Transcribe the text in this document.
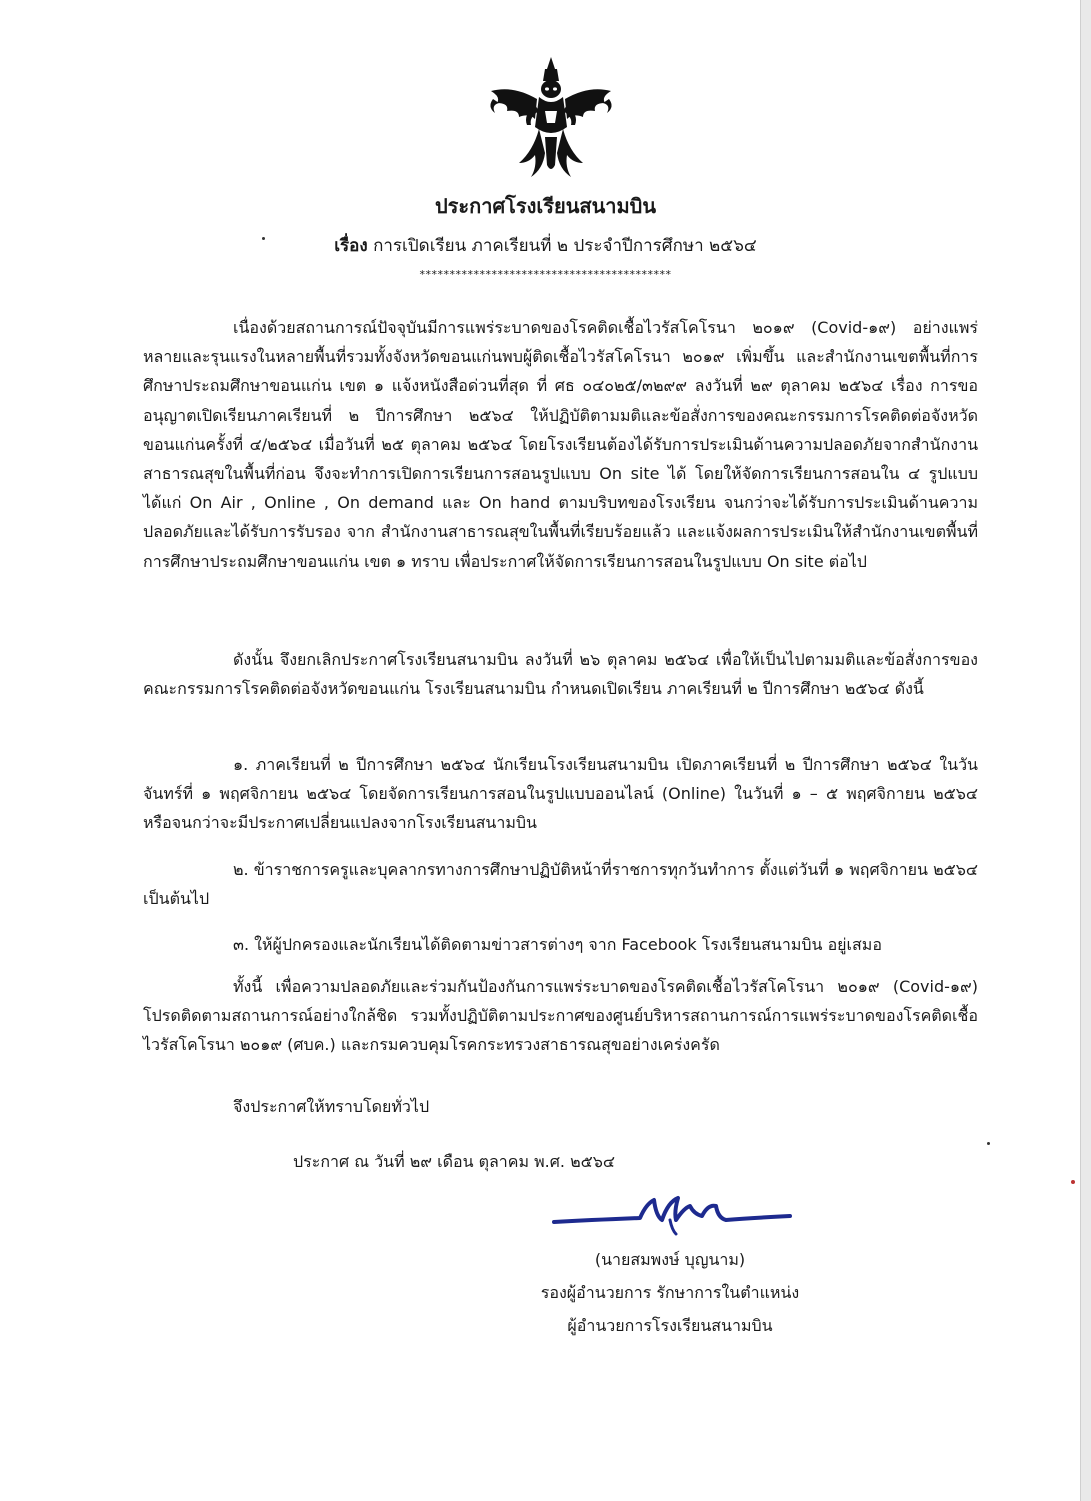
ประกาศโรงเรียนสนามบิน
เรื่อง การเปิดเรียน ภาคเรียนที่ ๒ ประจำปีการศึกษา ๒๕๖๔
******************************************

เนื่องด้วยสถานการณ์ปัจจุบันมีการแพร่ระบาดของโรคติดเชื้อไวรัสโคโรนา ๒๐๑๙ (Covid-๑๙) อย่างแพร่หลายและรุนแรงในหลายพื้นที่รวมทั้งจังหวัดขอนแก่นพบผู้ติดเชื้อไวรัสโคโรนา ๒๐๑๙ เพิ่มขึ้น และสำนักงานเขตพื้นที่การศึกษาประถมศึกษาขอนแก่น เขต ๑ แจ้งหนังสือด่วนที่สุด ที่ ศธ ๐๔๐๒๕/๓๒๙๙ ลงวันที่ ๒๙ ตุลาคม ๒๕๖๔ เรื่อง การขออนุญาตเปิดเรียนภาคเรียนที่ ๒ ปีการศึกษา ๒๕๖๔ ให้ปฏิบัติตามมติและข้อสั่งการของคณะกรรมการโรคติดต่อจังหวัดขอนแก่นครั้งที่ ๔/๒๕๖๔ เมื่อวันที่ ๒๕ ตุลาคม ๒๕๖๔ โดยโรงเรียนต้องได้รับการประเมินด้านความปลอดภัยจากสำนักงานสาธารณสุขในพื้นที่ก่อน จึงจะทำการเปิดการเรียนการสอนรูปแบบ On site ได้ โดยให้จัดการเรียนการสอนใน ๔ รูปแบบ ได้แก่ On Air , Online , On demand และ On hand ตามบริบทของโรงเรียน จนกว่าจะได้รับการประเมินด้านความปลอดภัยและได้รับการรับรอง จาก สำนักงานสาธารณสุขในพื้นที่เรียบร้อยแล้ว และแจ้งผลการประเมินให้สำนักงานเขตพื้นที่การศึกษาประถมศึกษาขอนแก่น เขต ๑ ทราบ เพื่อประกาศให้จัดการเรียนการสอนในรูปแบบ On site ต่อไป

ดังนั้น จึงยกเลิกประกาศโรงเรียนสนามบิน ลงวันที่ ๒๖ ตุลาคม ๒๕๖๔ เพื่อให้เป็นไปตามมติและข้อสั่งการของคณะกรรมการโรคติดต่อจังหวัดขอนแก่น โรงเรียนสนามบิน กำหนดเปิดเรียน ภาคเรียนที่ ๒ ปีการศึกษา ๒๕๖๔ ดังนี้

๑. ภาคเรียนที่ ๒ ปีการศึกษา ๒๕๖๔ นักเรียนโรงเรียนสนามบิน เปิดภาคเรียนที่ ๒ ปีการศึกษา ๒๕๖๔ ในวันจันทร์ที่ ๑ พฤศจิกายน ๒๕๖๔ โดยจัดการเรียนการสอนในรูปแบบออนไลน์ (Online) ในวันที่ ๑ – ๕ พฤศจิกายน ๒๕๖๔ หรือจนกว่าจะมีประกาศเปลี่ยนแปลงจากโรงเรียนสนามบิน

๒. ข้าราชการครูและบุคลากรทางการศึกษาปฏิบัติหน้าที่ราชการทุกวันทำการ ตั้งแต่วันที่ ๑ พฤศจิกายน ๒๕๖๔ เป็นต้นไป

๓. ให้ผู้ปกครองและนักเรียนได้ติดตามข่าวสารต่างๆ จาก Facebook โรงเรียนสนามบิน อยู่เสมอ

ทั้งนี้ เพื่อความปลอดภัยและร่วมกันป้องกันการแพร่ระบาดของโรคติดเชื้อไวรัสโคโรนา ๒๐๑๙ (Covid-๑๙) โปรดติดตามสถานการณ์อย่างใกล้ชิด รวมทั้งปฏิบัติตามประกาศของศูนย์บริหารสถานการณ์การแพร่ระบาดของโรคติดเชื้อไวรัสโคโรนา ๒๐๑๙ (ศบค.) และกรมควบคุมโรคกระทรวงสาธารณสุขอย่างเคร่งครัด

จึงประกาศให้ทราบโดยทั่วไป
ประกาศ ณ วันที่ ๒๙ เดือน ตุลาคม พ.ศ. ๒๕๖๔
(นายสมพงษ์ บุญนาม)
รองผู้อำนวยการ รักษาการในตำแหน่ง
ผู้อำนวยการโรงเรียนสนามบิน
